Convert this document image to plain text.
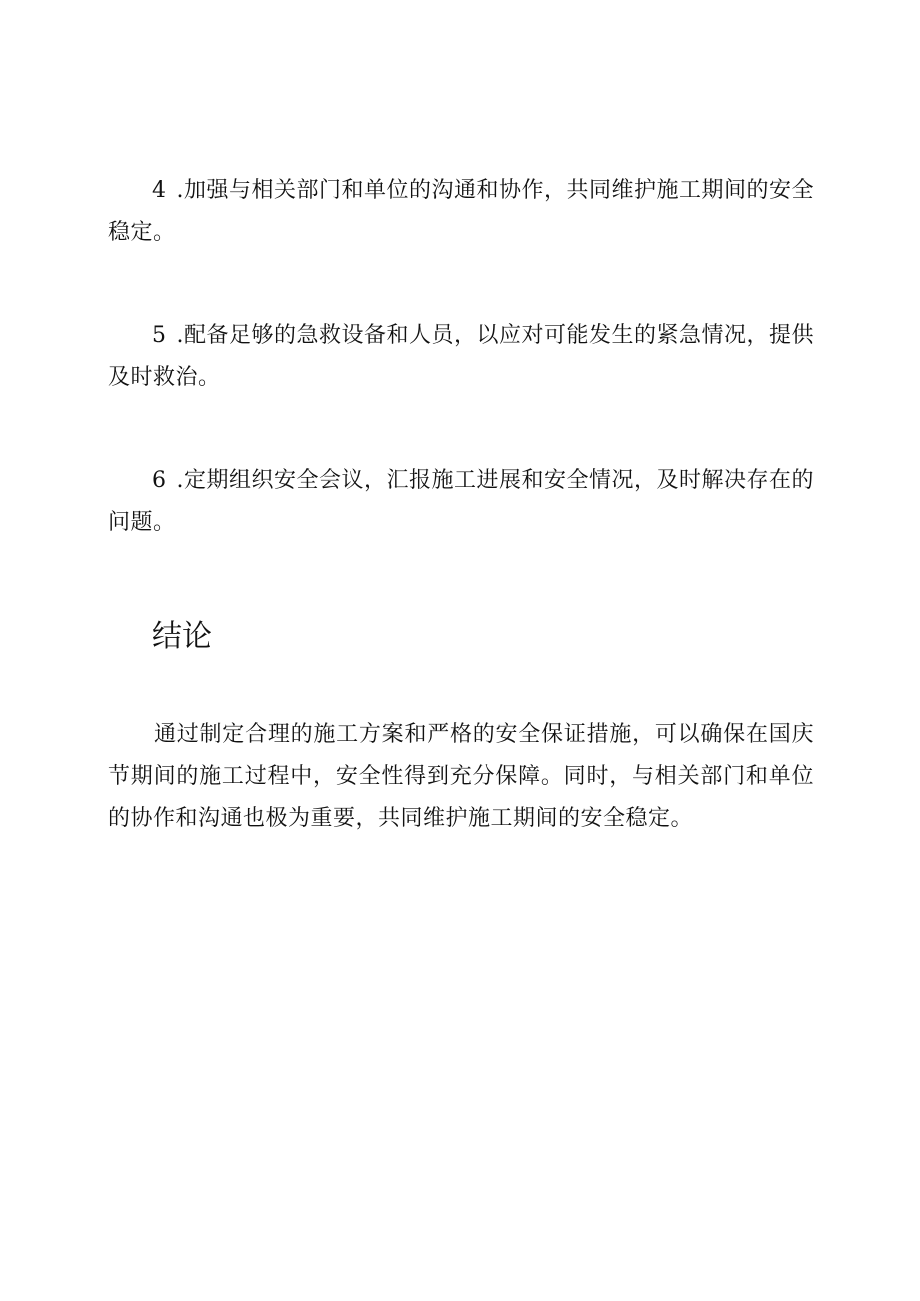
4 .加强与相关部门和单位的沟通和协作，共同维护施工期间的安全稳定。

5 .配备足够的急救设备和人员，以应对可能发生的紧急情况，提供及时救治。

6 .定期组织安全会议，汇报施工进展和安全情况，及时解决存在的问题。

结论

通过制定合理的施工方案和严格的安全保证措施，可以确保在国庆节期间的施工过程中，安全性得到充分保障。同时，与相关部门和单位的协作和沟通也极为重要，共同维护施工期间的安全稳定。
